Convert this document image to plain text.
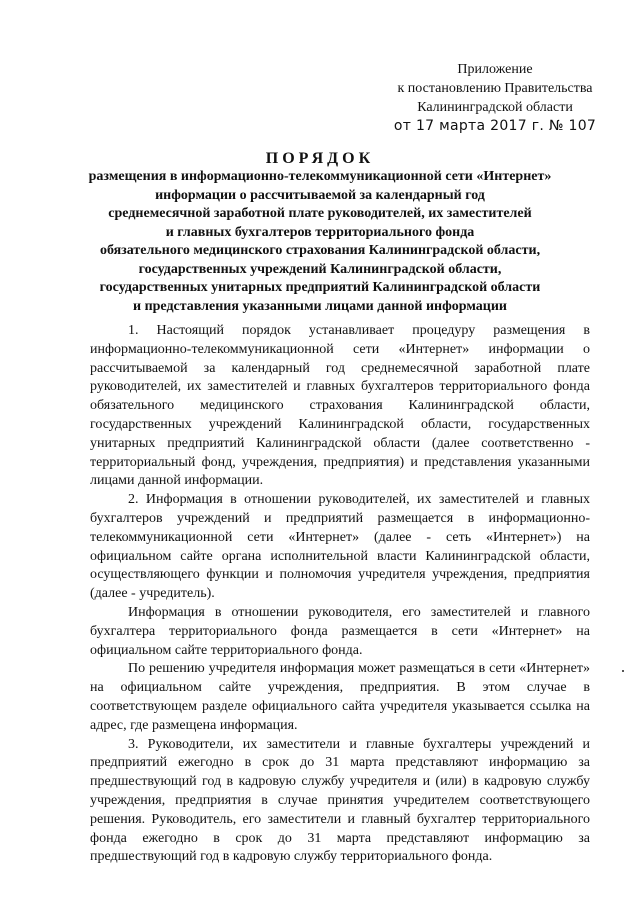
Приложение
к постановлению Правительства
Калининградской области
от 17 марта 2017 г. № 107
ПОРЯДОК
размещения в информационно-телекоммуникационной сети «Интернет»
информации о рассчитываемой за календарный год
среднемесячной заработной плате руководителей, их заместителей
и главных бухгалтеров территориального фонда
обязательного медицинского страхования Калининградской области,
государственных учреждений Калининградской области,
государственных унитарных предприятий Калининградской области
и представления указанными лицами данной информации

1. Настоящий порядок устанавливает процедуру размещения в информационно-телекоммуникационной сети «Интернет» информации о рассчитываемой за календарный год среднемесячной заработной плате руководителей, их заместителей и главных бухгалтеров территориального фонда обязательного медицинского страхования Калининградской области, государственных учреждений Калининградской области, государственных унитарных предприятий Калининградской области (далее соответственно - территориальный фонд, учреждения, предприятия) и представления указанными лицами данной информации.

2. Информация в отношении руководителей, их заместителей и главных бухгалтеров учреждений и предприятий размещается в информационно-телекоммуникационной сети «Интернет» (далее - сеть «Интернет») на официальном сайте органа исполнительной власти Калининградской области, осуществляющего функции и полномочия учредителя учреждения, предприятия (далее - учредитель).

Информация в отношении руководителя, его заместителей и главного бухгалтера территориального фонда размещается в сети «Интернет» на официальном сайте территориального фонда.

По решению учредителя информация может размещаться в сети «Интернет» на официальном сайте учреждения, предприятия. В этом случае в соответствующем разделе официального сайта учредителя указывается ссылка на адрес, где размещена информация.

3. Руководители, их заместители и главные бухгалтеры учреждений и предприятий ежегодно в срок до 31 марта представляют информацию за предшествующий год в кадровую службу учредителя и (или) в кадровую службу учреждения, предприятия в случае принятия учредителем соответствующего решения. Руководитель, его заместители и главный бухгалтер территориального фонда ежегодно в срок до 31 марта представляют информацию за предшествующий год в кадровую службу территориального фонда.
